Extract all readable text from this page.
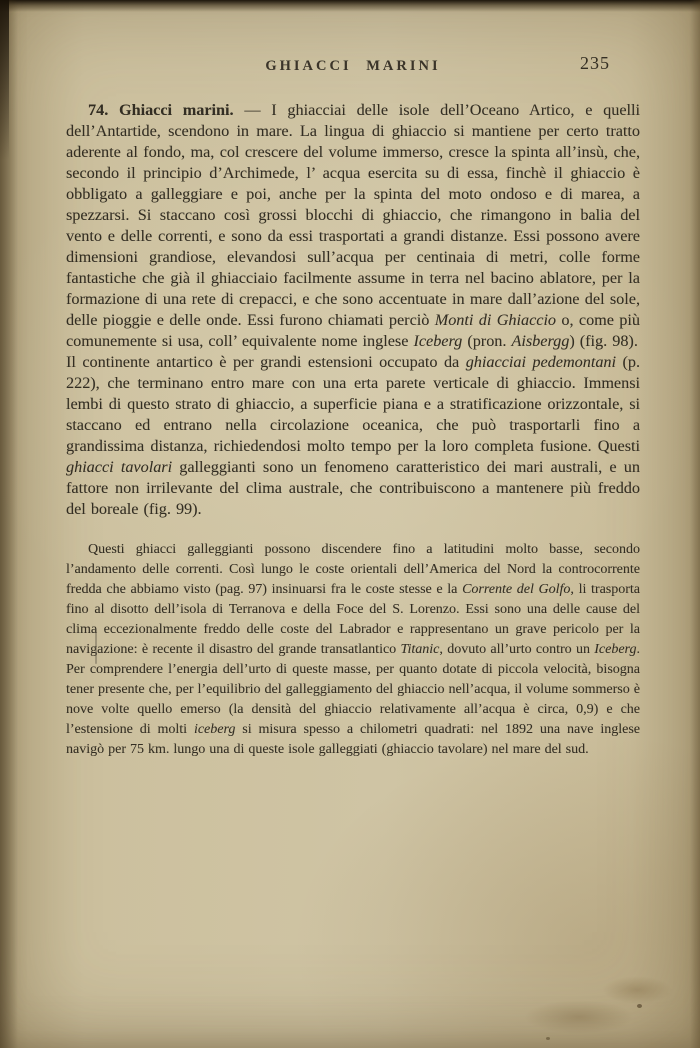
GHIACCI MARINI	235

74. Ghiacci marini. — I ghiacciai delle isole dell’Oceano Artico, e quelli dell’Antartide, scendono in mare. La lingua di ghiaccio si mantiene per certo tratto aderente al fondo, ma, col crescere del volume immerso, cresce la spinta all’insù, che, secondo il principio d’Archimede, l’ acqua esercita su di essa, finchè il ghiaccio è obbligato a galleggiare e poi, anche per la spinta del moto ondoso e di marea, a spezzarsi. Si staccano così grossi blocchi di ghiaccio, che rimangono in balia del vento e delle correnti, e sono da essi trasportati a grandi distanze. Essi possono avere dimensioni grandiose, elevandosi sull’acqua per centinaia di metri, colle forme fantastiche che già il ghiacciaio facilmente assume in terra nel bacino ablatore, per la formazione di una rete di crepacci, e che sono accentuate in mare dall’azione del sole, delle pioggie e delle onde. Essi furono chiamati perciò Monti di Ghiaccio o, come più comunemente si usa, coll’ equivalente nome inglese Iceberg (pron. Aisbergg) (fig. 98).

Il continente antartico è per grandi estensioni occupato da ghiacciai pedemontani (p. 222), che terminano entro mare con una erta parete verticale di ghiaccio. Immensi lembi di questo strato di ghiaccio, a superficie piana e a stratificazione orizzontale, si staccano ed entrano nella circolazione oceanica, che può trasportarli fino a grandissima distanza, richiedendosi molto tempo per la loro completa fusione. Questi ghiacci tavolari galleggianti sono un fenomeno caratteristico dei mari australi, e un fattore non irrilevante del clima australe, che contribuiscono a mantenere più freddo del boreale (fig. 99).

Questi ghiacci galleggianti possono discendere fino a latitudini molto basse, secondo l’andamento delle correnti. Così lungo le coste orientali dell’America del Nord la controcorrente fredda che abbiamo visto (pag. 97) insinuarsi fra le coste stesse e la Corrente del Golfo, li trasporta fino al disotto dell’isola di Terranova e della Foce del S. Lorenzo. Essi sono una delle cause del clima eccezionalmente freddo delle coste del Labrador e rappresentano un grave pericolo per la navigazione: è recente il disastro del grande transatlantico Titanic, dovuto all’urto contro un Iceberg. Per comprendere l’energia dell’urto di queste masse, per quanto dotate di piccola velocità, bisogna tener presente che, per l’equilibrio del galleggiamento del ghiaccio nell’acqua, il volume sommerso è nove volte quello emerso (la densità del ghiaccio relativamente all’acqua è circa, 0,9) e che l’estensione di molti iceberg si misura spesso a chilometri quadrati: nel 1892 una nave inglese navigò per 75 km. lungo una di queste isole galleggiati (ghiaccio tavolare) nel mare del sud.
